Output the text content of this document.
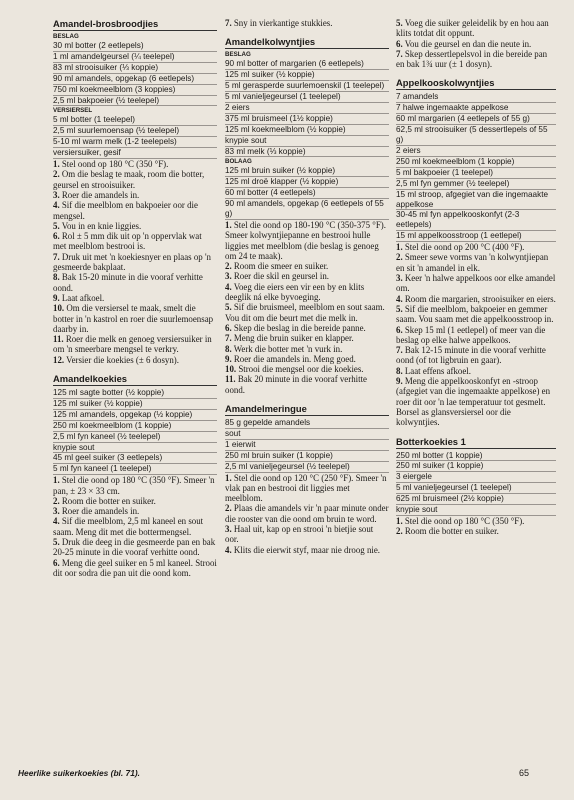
Amandel-brosbroodjies
BESLAG
30 ml botter (2 eetlepels)
1 ml amandelgeursel (¼ teelepel)
83 ml strooisuiker (⅓ koppie)
90 ml amandels, opgekap (6 eetlepels)
750 ml koekmeelblom (3 koppies)
2,5 ml bakpoeier (½ teelepel)
VERSIERSEL
5 ml botter (1 teelepel)
2,5 ml suurlemoensap (½ teelepel)
5-10 ml warm melk (1-2 teelepels)
versiersuiker, gesif
1. Stel oond op 180 °C (350 °F).
2. Om die beslag te maak, room die botter, geursel en strooisuiker.
3. Roer die amandels in.
4. Sif die meelblom en bakpoeier oor die mengsel.
5. Vou in en knie liggies.
6. Rol ± 5 mm dik uit op 'n oppervlak wat met meelblom bestrooi is.
7. Druk uit met 'n koekiesnyer en plaas op 'n gesmeerde bakplaat.
8. Bak 15-20 minute in die vooraf verhitte oond.
9. Laat afkoel.
10. Om die versiersel te maak, smelt die botter in 'n kastrol en roer die suurlemoensap daarby in.
11. Roer die melk en genoeg versiersuiker in om 'n smeerbare mengsel te verkry.
12. Versier die koekies (± 6 dosyn).
Amandelkoekies
125 ml sagte botter (½ koppie)
125 ml suiker (½ koppie)
125 ml amandels, opgekap (½ koppie)
250 ml koekmeelblom (1 koppie)
2,5 ml fyn kaneel (½ teelepel)
knypie sout
45 ml geel suiker (3 eetlepels)
5 ml fyn kaneel (1 teelepel)
1. Stel die oond op 180 °C (350 °F). Smeer 'n pan, ± 23 × 33 cm.
2. Room die botter en suiker.
3. Roer die amandels in.
4. Sif die meelblom, 2,5 ml kaneel en sout saam. Meng dit met die bottermengsel.
5. Druk die deeg in die gesmeerde pan en bak 20-25 minute in die vooraf verhitte oond.
6. Meng die geel suiker en 5 ml kaneel. Strooi dit oor sodra die pan uit die oond kom.
7. Sny in vierkantige stukkies.
Amandelkolwyntjies
BESLAG
90 ml botter of margarien (6 eetlepels)
125 ml suiker (½ koppie)
5 ml gerasperde suurlemoenskil (1 teelepel)
5 ml vanieljegeursel (1 teelepel)
2 eiers
375 ml bruismeel (1½ koppie)
125 ml koekmeelblom (½ koppie)
knypie sout
83 ml melk (⅓ koppie)
BOLAAG
125 ml bruin suiker (½ koppie)
125 ml droë klapper (½ koppie)
60 ml botter (4 eetlepels)
90 ml amandels, opgekap (6 eetlepels of 55 g)
1. Stel die oond op 180-190 °C (350-375 °F). Smeer kolwyntjiepanne en bestrooi hulle liggies met meelblom (die beslag is genoeg om 24 te maak).
2. Room die smeer en suiker.
3. Roer die skil en geursel in.
4. Voeg die eiers een vir een by en klits deeglik ná elke byvoeging.
5. Sif die bruismeel, meelblom en sout saam. Vou dit om die beurt met die melk in.
6. Skep die beslag in die bereide panne.
7. Meng die bruin suiker en klapper.
8. Werk die botter met 'n vurk in.
9. Roer die amandels in. Meng goed.
10. Strooi die mengsel oor die koekies.
11. Bak 20 minute in die vooraf verhitte oond.
Amandelmeringue
85 g gepelde amandels
sout
1 eierwit
250 ml bruin suiker (1 koppie)
2,5 ml vanieljegeursel (½ teelepel)
1. Stel die oond op 120 °C (250 °F). Smeer 'n vlak pan en bestrooi dit liggies met meelblom.
2. Plaas die amandels vir 'n paar minute onder die rooster van die oond om bruin te word.
3. Haal uit, kap op en strooi 'n bietjie sout oor.
4. Klits die eierwit styf, maar nie droog nie.
5. Voeg die suiker geleidelik by en hou aan klits totdat dit oppunt.
6. Vou die geursel en dan die neute in.
7. Skep dessertlepelsvol in die bereide pan en bak 1¾ uur (± 1 dosyn).
Appelkooskolwyntjies
7 amandels
7 halwe ingemaakte appelkose
60 ml margarien (4 eetlepels of 55 g)
62,5 ml strooisuiker (5 dessertlepels of 55 g)
2 eiers
250 ml koekmeelblom (1 koppie)
5 ml bakpoeier (1 teelepel)
2,5 ml fyn gemmer (½ teelepel)
15 ml stroop, afgegiet van die ingemaakte appelkose
30-45 ml fyn appelkooskonfyt (2-3 eetlepels)
15 ml appelkoosstroop (1 eetlepel)
1. Stel die oond op 200 °C (400 °F).
2. Smeer sewe vorms van 'n kolwyntjiepan en sit 'n amandel in elk.
3. Keer 'n halwe appelkoos oor elke amandel om.
4. Room die margarien, strooisuiker en eiers.
5. Sif die meelblom, bakpoeier en gemmer saam. Vou saam met die appelkoosstroop in.
6. Skep 15 ml (1 eetlepel) of meer van die beslag op elke halwe appelkoos.
7. Bak 12-15 minute in die vooraf verhitte oond (of tot ligbruin en gaar).
8. Laat effens afkoel.
9. Meng die appelkooskonfyt en -stroop (afgegiet van die ingemaakte appelkose) en roer dit oor 'n lae temperatuur tot gesmelt. Borsel as glansversiersel oor die kolwyntjies.
Botterkoekies 1
250 ml botter (1 koppie)
250 ml suiker (1 koppie)
3 eiergele
5 ml vanieljegeursel (1 teelepel)
625 ml bruismeel (2½ koppie)
knypie sout
1. Stel die oond op 180 °C (350 °F).
2. Room die botter en suiker.
Heerlike suikerkoekies (bl. 71).	65
